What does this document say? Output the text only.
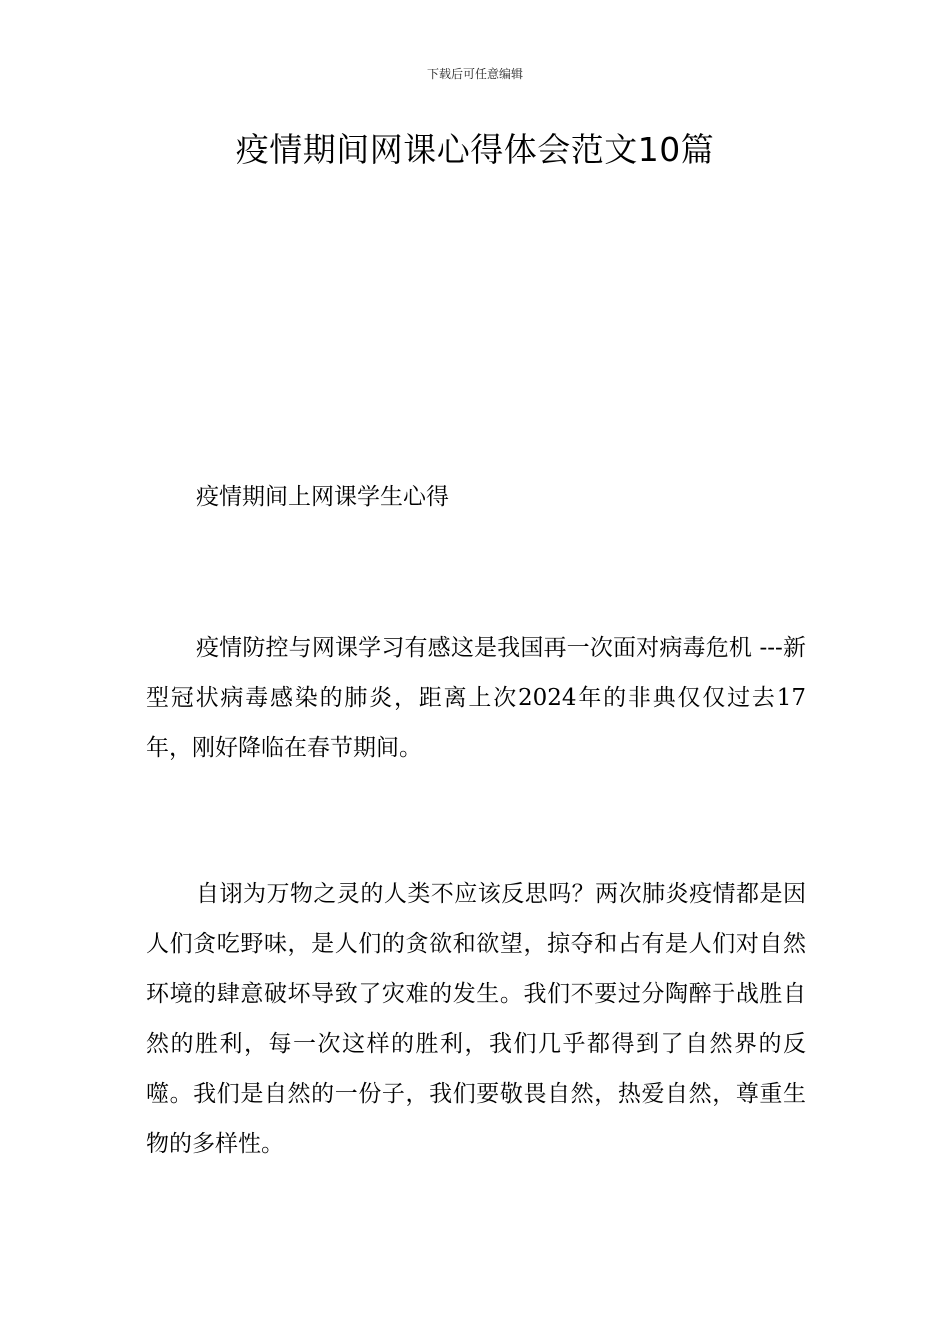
下载后可任意编辑
疫情期间网课心得体会范文10篇
疫情期间上网课学生心得

疫情防控与网课学习有感这是我国再一次面对病毒危机 ---新型冠状病毒感染的肺炎，距离上次2024年的非典仅仅过去17年，刚好降临在春节期间。

自诩为万物之灵的人类不应该反思吗？两次肺炎疫情都是因人们贪吃野味，是人们的贪欲和欲望，掠夺和占有是人们对自然环境的肆意破坏导致了灾难的发生。我们不要过分陶醉于战胜自然的胜利，每一次这样的胜利，我们几乎都得到了自然界的反噬。我们是自然的一份子，我们要敬畏自然，热爱自然，尊重生物的多样性。
